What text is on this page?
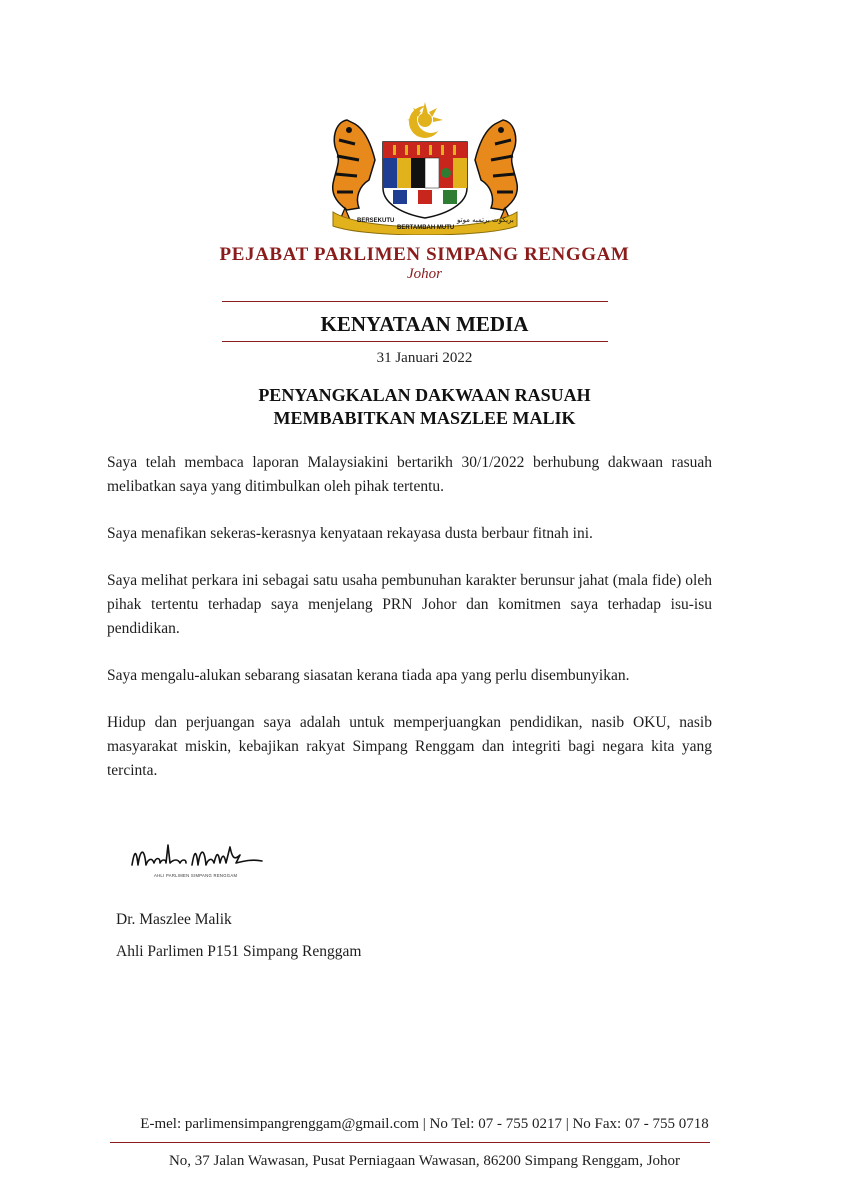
BERSEKUTU
BERTAMBAH MUTU
بريکوت برتمبه موتو
PEJABAT PARLIMEN SIMPANG RENGGAM
Johor
KENYATAAN MEDIA
31 Januari 2022
PENYANGKALAN DAKWAAN RASUAH
MEMBABITKAN MASZLEE MALIK

Saya telah membaca laporan Malaysiakini bertarikh 30/1/2022 berhubung dakwaan rasuah melibatkan saya yang ditimbulkan oleh pihak tertentu.

Saya menafikan sekeras-kerasnya kenyataan rekayasa dusta berbaur fitnah ini.

Saya melihat perkara ini sebagai satu usaha pembunuhan karakter berunsur jahat (mala fide) oleh pihak tertentu terhadap saya menjelang PRN Johor dan komitmen saya terhadap isu-isu pendidikan.

Saya mengalu-alukan sebarang siasatan kerana tiada apa yang perlu disembunyikan.

Hidup dan perjuangan saya adalah untuk memperjuangkan pendidikan, nasib OKU, nasib masyarakat miskin, kebajikan rakyat Simpang Renggam dan integriti bagi negara kita yang tercinta.

AHLI PARLIMEN SIMPANG RENGGAM
Dr. Maszlee Malik
Ahli Parlimen P151 Simpang Renggam
E-mel: parlimensimpangrenggam@gmail.com | No Tel: 07 - 755 0217 | No Fax: 07 - 755 0718
No, 37 Jalan Wawasan, Pusat Perniagaan Wawasan, 86200 Simpang Renggam, Johor
